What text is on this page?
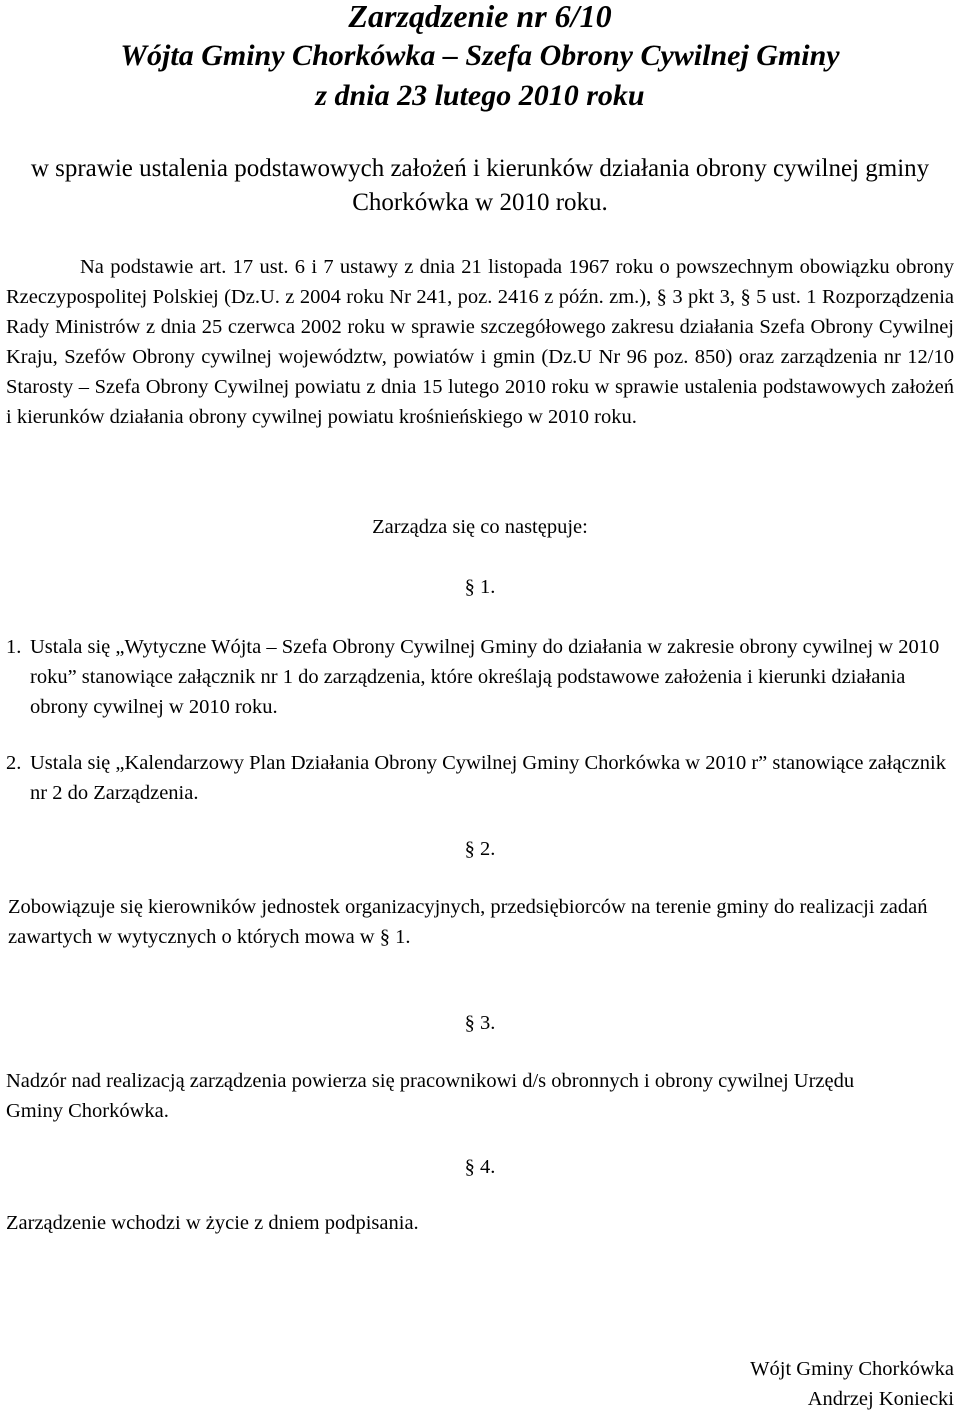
Zarządzenie nr 6/10
Wójta Gminy Chorkówka – Szefa Obrony Cywilnej Gminy
z dnia 23 lutego 2010 roku

w sprawie ustalenia podstawowych założeń i kierunków działania obrony cywilnej gminy Chorkówka w 2010 roku.

Na podstawie art. 17 ust. 6 i 7 ustawy z dnia 21 listopada 1967 roku o powszechnym obowiązku obrony Rzeczypospolitej Polskiej (Dz.U. z 2004 roku Nr 241, poz. 2416 z późn. zm.), § 3 pkt 3, § 5 ust. 1 Rozporządzenia Rady Ministrów z dnia 25 czerwca 2002 roku w sprawie szczegółowego zakresu działania Szefa Obrony Cywilnej Kraju, Szefów Obrony cywilnej województw, powiatów i gmin (Dz.U Nr 96 poz. 850) oraz zarządzenia nr 12/10 Starosty – Szefa Obrony Cywilnej powiatu z dnia 15 lutego 2010 roku w sprawie ustalenia podstawowych założeń i kierunków działania obrony cywilnej powiatu krośnieńskiego w 2010 roku.

Zarządza się co następuje:

§ 1.

1. Ustala się „Wytyczne Wójta – Szefa Obrony Cywilnej Gminy do działania w zakresie obrony cywilnej w 2010 roku” stanowiące załącznik nr 1 do zarządzenia, które określają podstawowe założenia i kierunki działania obrony cywilnej w 2010 roku.
2. Ustala się „Kalendarzowy Plan Działania Obrony Cywilnej Gminy Chorkówka w 2010 r” stanowiące załącznik nr 2 do Zarządzenia.

§ 2.

Zobowiązuje się kierowników jednostek organizacyjnych, przedsiębiorców na terenie gminy do realizacji zadań zawartych w wytycznych o których mowa w § 1.

§ 3.

Nadzór nad realizacją zarządzenia powierza się pracownikowi d/s obronnych i obrony cywilnej Urzędu Gminy Chorkówka.

§ 4.

Zarządzenie wchodzi w życie z dniem podpisania.

Wójt Gminy Chorkówka

Andrzej Koniecki
